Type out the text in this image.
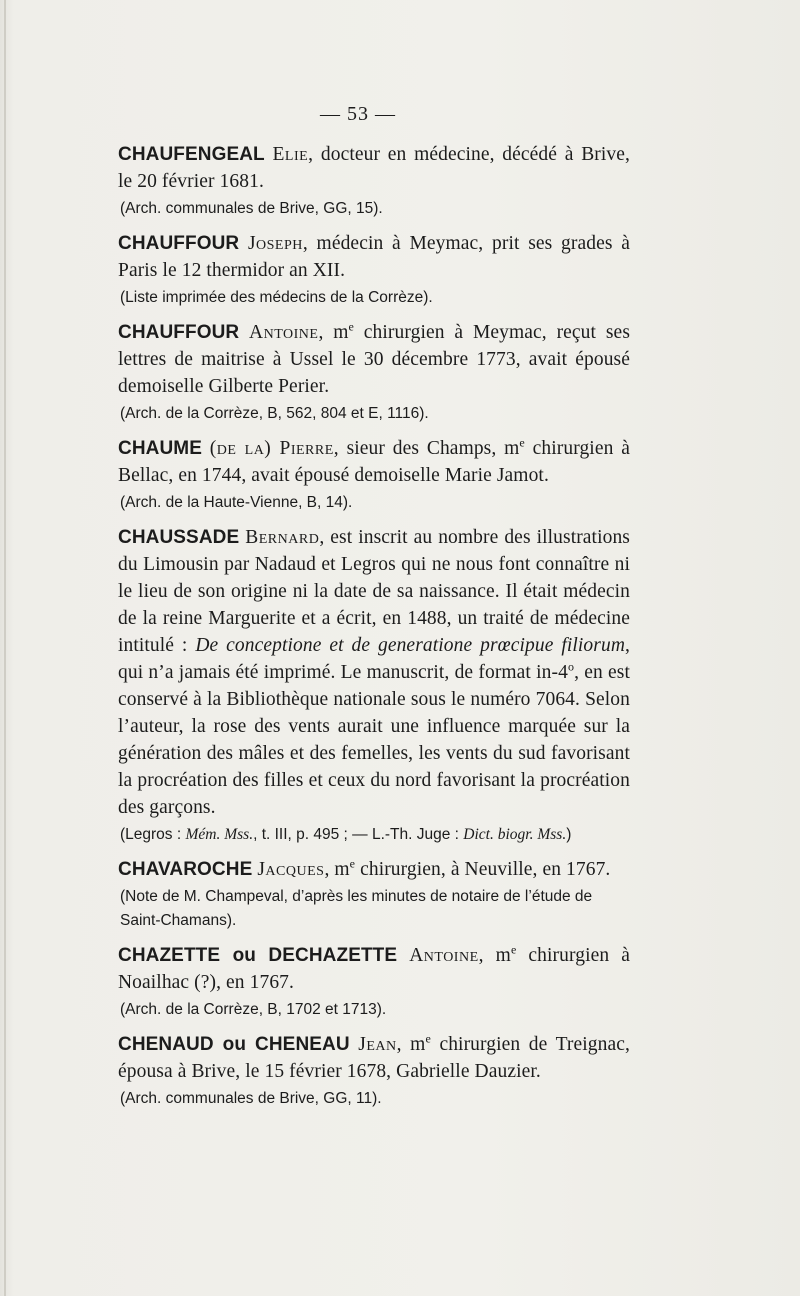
— 53 —
CHAUFENGEAL Elie, docteur en médecine, décédé à Brive, le 20 février 1681.
(Arch. communales de Brive, GG, 15).
CHAUFFOUR Joseph, médecin à Meymac, prit ses grades à Paris le 12 thermidor an XII.
(Liste imprimée des médecins de la Corrèze).
CHAUFFOUR Antoine, $m^e$ chirurgien à Meymac, reçut ses lettres de maitrise à Ussel le 30 décembre 1773, avait épousé demoiselle Gilberte Perier.
(Arch. de la Corrèze, B, 562, 804 et E, 1116).
CHAUME (de la) Pierre, sieur des Champs, $m^e$ chirurgien à Bellac, en 1744, avait épousé demoiselle Marie Jamot.
(Arch. de la Haute-Vienne, B, 14).
CHAUSSADE Bernard, est inscrit au nombre des illustrations du Limousin par Nadaud et Legros qui ne nous font connaître ni le lieu de son origine ni la date de sa naissance. Il était médecin de la reine Marguerite et a écrit, en 1488, un traité de médecine intitulé : De conceptione et de generatione prœcipue filiorum, qui n’a jamais été imprimé. Le manuscrit, de format in-4$^o$, en est conservé à la Bibliothèque nationale sous le numéro 7064. Selon l’auteur, la rose des vents aurait une influence marquée sur la génération des mâles et des femelles, les vents du sud favorisant la procréation des filles et ceux du nord favorisant la procréation des garçons.
(Legros : Mém. Mss., t. III, p. 495 ; — L.-Th. Juge : Dict. biogr. Mss.)
CHAVAROCHE Jacques, $m^e$ chirurgien, à Neuville, en 1767.
(Note de M. Champeval, d’après les minutes de notaire de l’étude de Saint-Chamans).
CHAZETTE ou DECHAZETTE Antoine, $m^e$ chirurgien à Noailhac (?), en 1767.
(Arch. de la Corrèze, B, 1702 et 1713).
CHENAUD ou CHENEAU Jean, $m^e$ chirurgien de Treignac, épousa à Brive, le 15 février 1678, Gabrielle Dauzier.
(Arch. communales de Brive, GG, 11).
